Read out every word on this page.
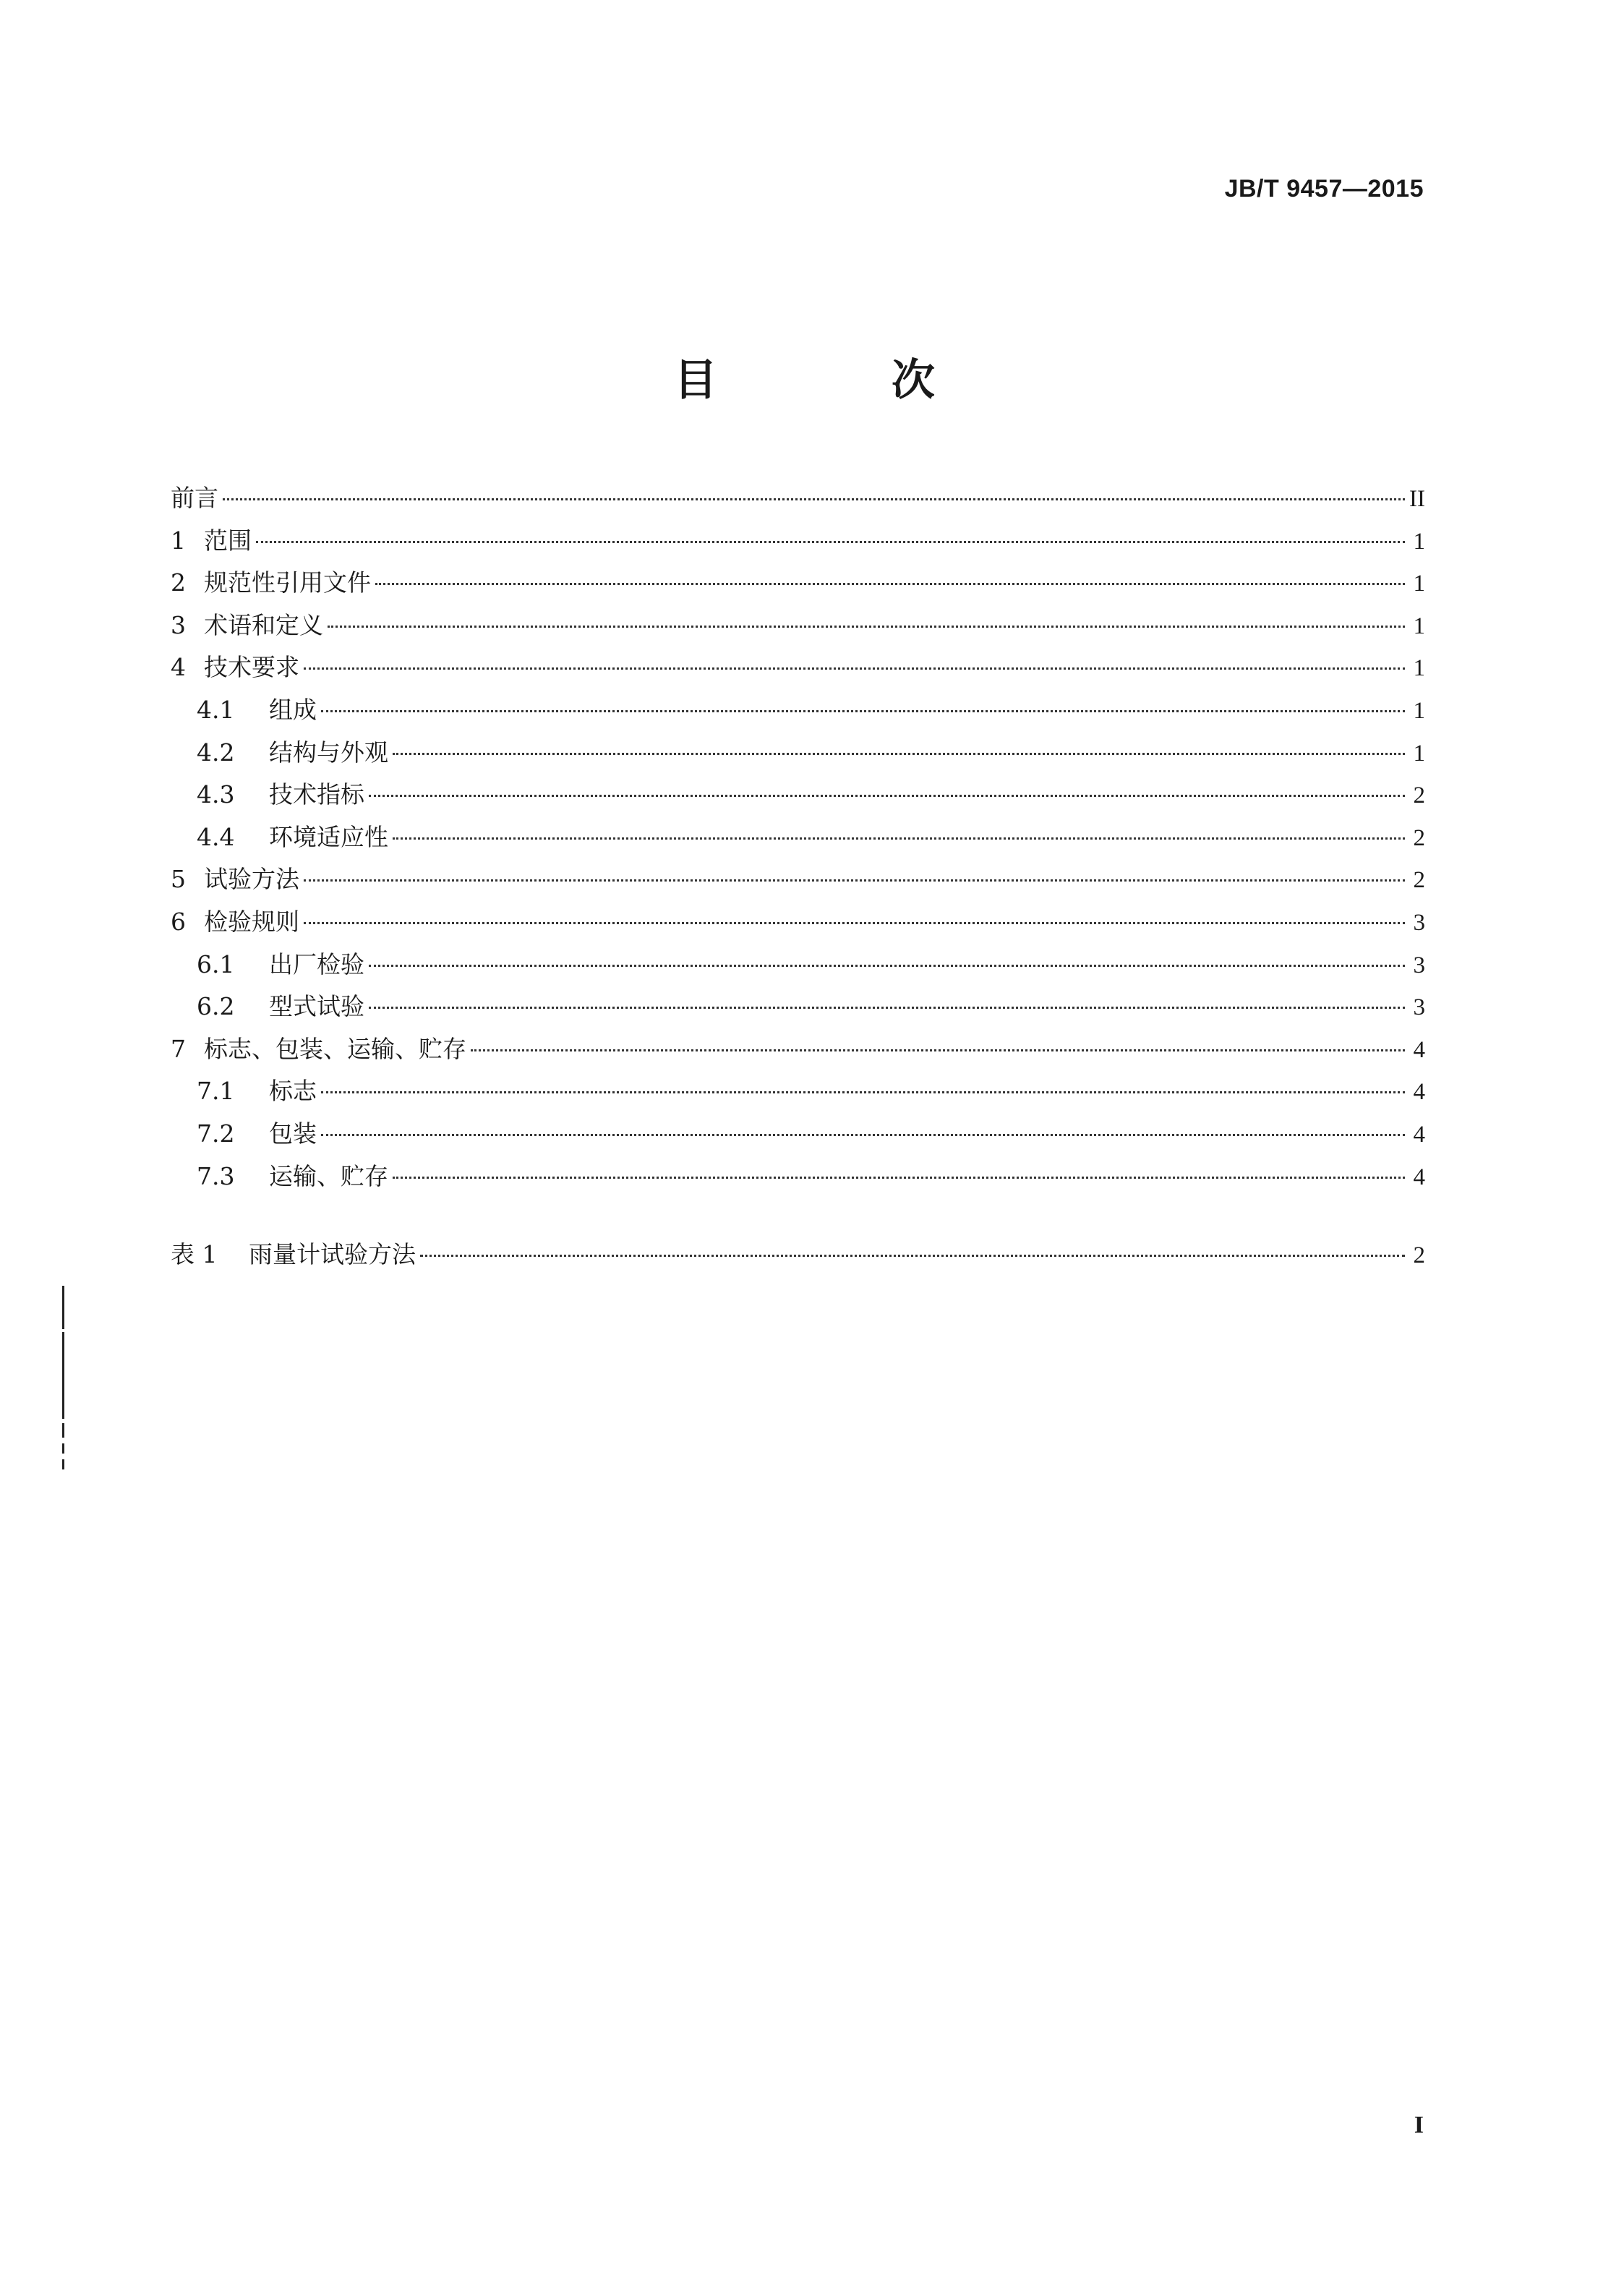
JB/T 9457—2015
目 次
前言	II
1 范围	1
2 规范性引用文件	1
3 术语和定义	1
4 技术要求	1
4.1	组成	1
4.2	结构与外观	1
4.3	技术指标	2
4.4	环境适应性	2
5 试验方法	2
6 检验规则	3
6.1	出厂检验	3
6.2	型式试验	3
7 标志、包装、运输、贮存	4
7.1	标志	4
7.2	包装	4
7.3	运输、贮存	4
表 1	雨量计试验方法	2
I
